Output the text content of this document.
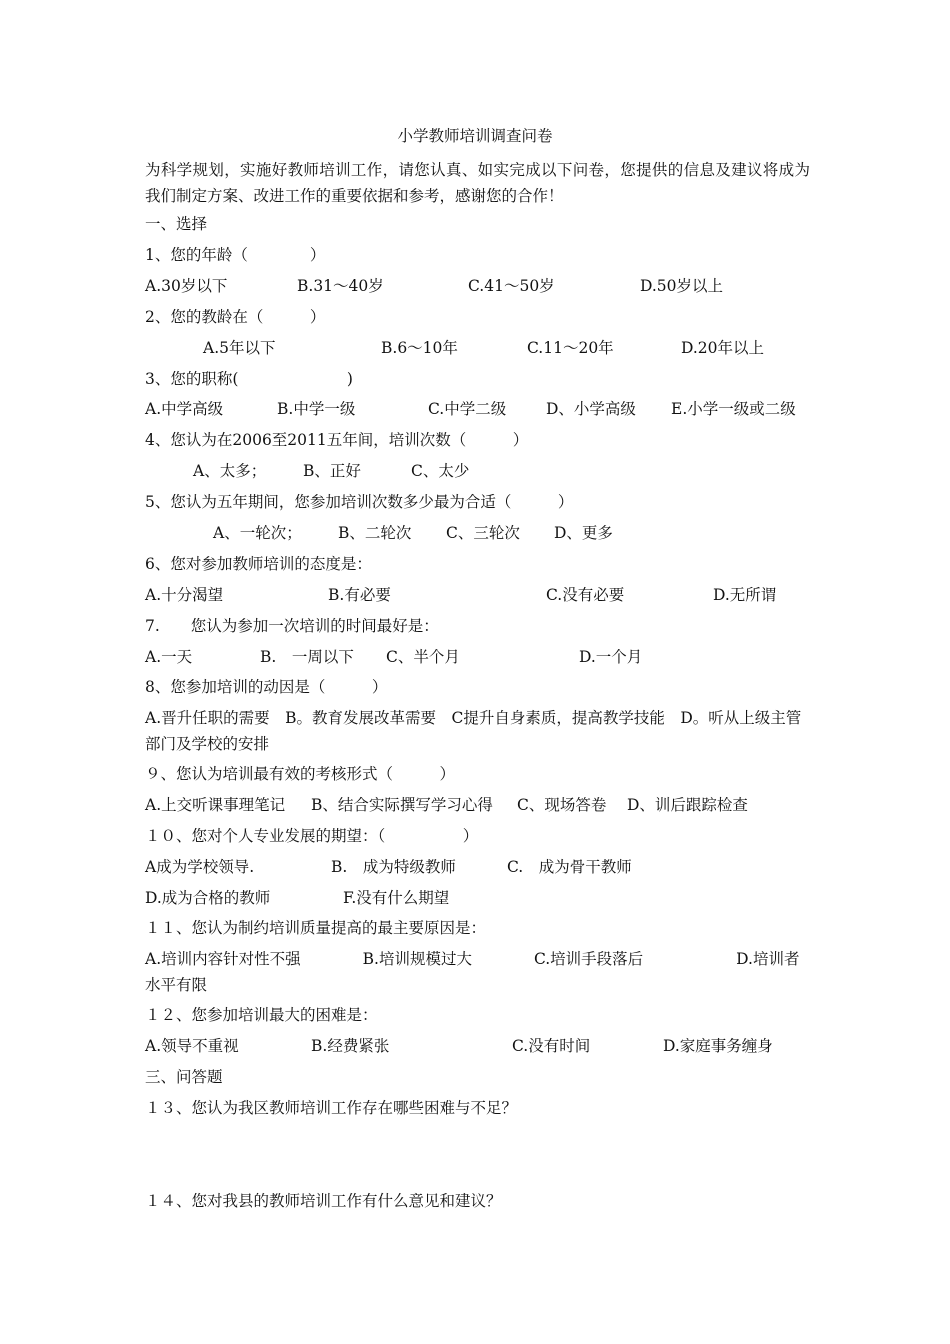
小学教师培训调查问卷
为科学规划，实施好教师培训工作，请您认真、如实完成以下问卷，您提供的信息及建议将成为我们制定方案、改进工作的重要依据和参考，感谢您的合作！
一、选择
1、您的年龄（　　　　）
A.30岁以下	B.31～40岁	C.41～50岁	D.50岁以上
2、您的教龄在（　　　）
A.5年以下	B.6～10年	C.11～20年	D.20年以上
3、您的职称(　　　　　　　)
A.中学高级	B.中学一级	C.中学二级	D、小学高级 E.小学一级或二级
4、您认为在2006至2011五年间，培训次数（　　　）
A、太多； B、正好	C、太少
5、您认为五年期间，您参加培训次数多少最为合适（　　　）
A、一轮次； B、二轮次 C、三轮次 D、更多
6、您对参加教师培训的态度是：
A.十分渴望	B.有必要	C.没有必要	D.无所谓
7.　　您认为参加一次培训的时间最好是：
A.一天	B.　一周以下 C、半个月	D.一个月
8、您参加培训的动因是（　　　）
A.晋升任职的需要　B。教育发展改革需要　C提升自身素质，提高教学技能　D。听从上级主管部门及学校的安排
９、您认为培训最有效的考核形式（　　　）
A.上交听课事理笔记 B、结合实际撰写学习心得 C、现场答卷 D、训后跟踪检查
１０、您对个人专业发展的期望：（　　　　　）
A成为学校领导.	B.　成为特级教师	C.　成为骨干教师
D.成为合格的教师	F.没有什么期望
１１、您认为制约培训质量提高的最主要原因是：
A.培训内容针对性不强　　　　B.培训规模过大　　　　C.培训手段落后　　　　　　D.培训者水平有限
１２、您参加培训最大的困难是：
A.领导不重视	B.经费紧张	C.没有时间	D.家庭事务缠身
三、问答题
１３、您认为我区教师培训工作存在哪些困难与不足？
１４、您对我县的教师培训工作有什么意见和建议？
